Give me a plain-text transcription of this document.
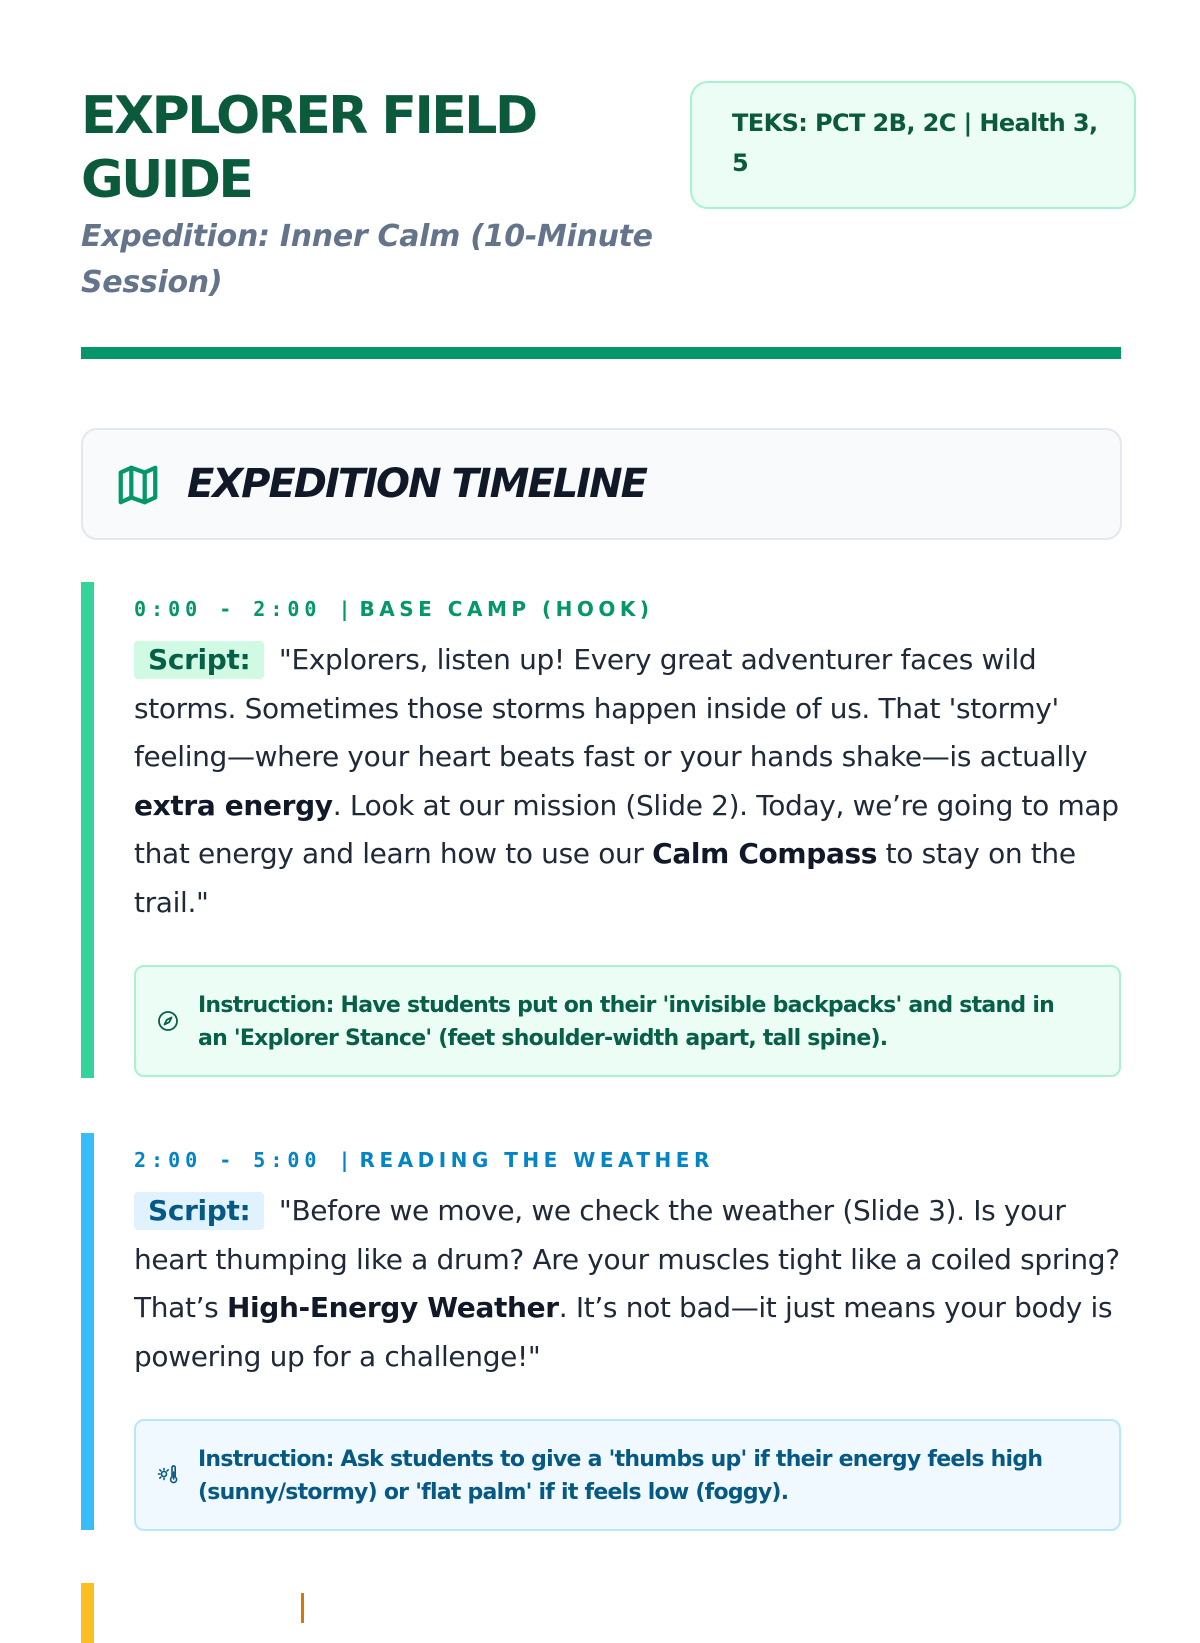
EXPLORER FIELD GUIDE

Expedition: Inner Calm (10-Minute Session)

TEKS: PCT 2B, 2C | Health 3, 5
EXPEDITION TIMELINE
0:00 - 2:00 | BASE CAMP (HOOK)
Script: "Explorers, listen up! Every great adventurer faces wild storms. Sometimes those storms happen inside of us. That 'stormy' feeling—where your heart beats fast or your hands shake—is actually extra energy. Look at our mission (Slide 2). Today, we’re going to map that energy and learn how to use our Calm Compass to stay on the trail."
Instruction: Have students put on their 'invisible backpacks' and stand in an 'Explorer Stance' (feet shoulder-width apart, tall spine).
2:00 - 5:00 | READING THE WEATHER
Script: "Before we move, we check the weather (Slide 3). Is your heart thumping like a drum? Are your muscles tight like a coiled spring? That’s High-Energy Weather. It’s not bad—it just means your body is powering up for a challenge!"
Instruction: Ask students to give a 'thumbs up' if their energy feels high (sunny/stormy) or 'flat palm' if it feels low (foggy).
